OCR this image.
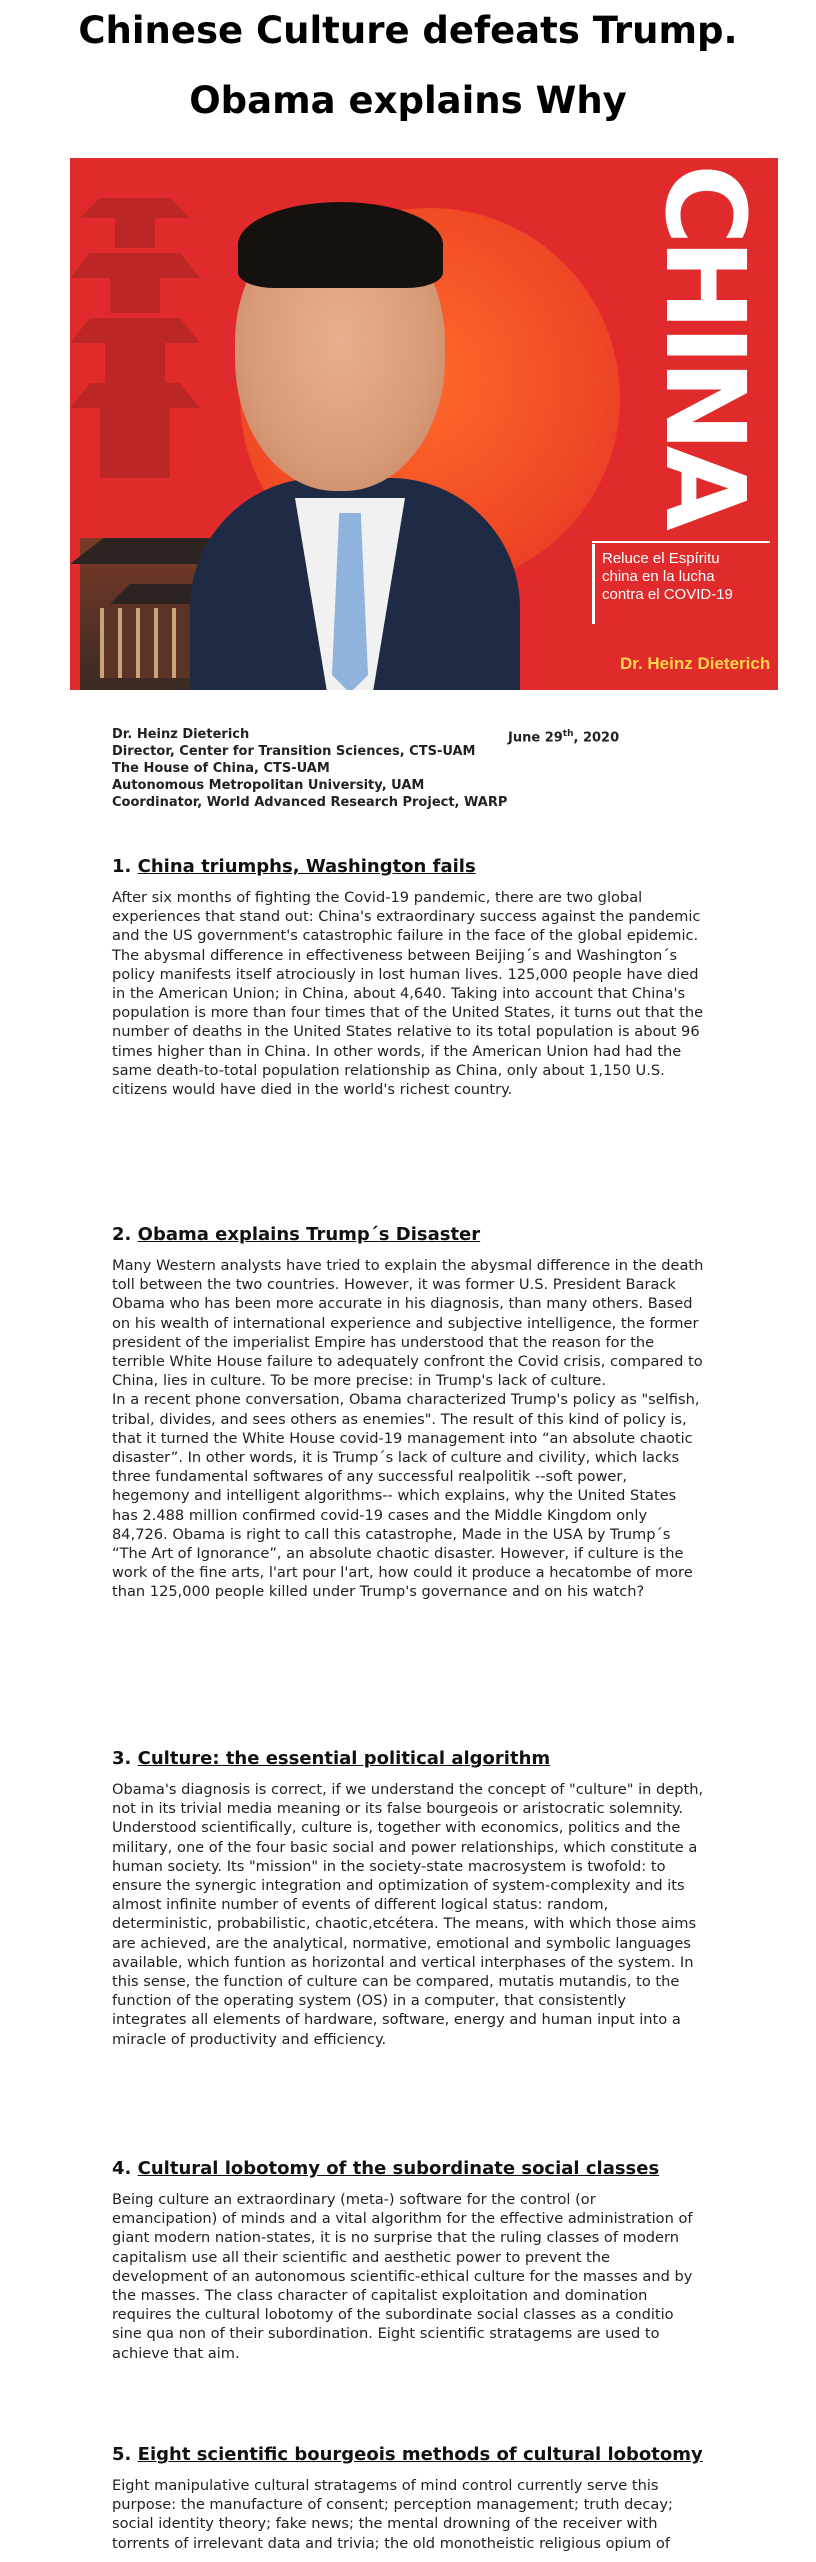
Chinese Culture defeats Trump.
Obama explains Why
CHINA
Reluce el Espíritu china en la lucha contra el COVID-19
Dr. Heinz Dieterich
Dr. Heinz Dieterich
Director, Center for Transition Sciences, CTS-UAM
The House of China, CTS-UAM
Autonomous Metropolitan University, UAM
Coordinator, World Advanced Research Project, WARP
June 29th, 2020
1. China triumphs, Washington fails

After six months of fighting the Covid-19 pandemic, there are two global experiences that stand out: China's extraordinary success against the pandemic and the US government's catastrophic failure in the face of the global epidemic.

The abysmal difference in effectiveness between Beijing´s and Washington´s policy manifests itself atrociously in lost human lives. 125,000 people have died in the American Union; in China, about 4,640. Taking into account that China's population is more than four times that of the United States, it turns out that the number of deaths in the United States relative to its total population is about 96 times higher than in China. In other words, if the American Union had had the same death-to-total population relationship as China, only about 1,150 U.S. citizens would have died in the world's richest country.

2. Obama explains Trump´s Disaster

Many Western analysts have tried to explain the abysmal difference in the death toll between the two countries. However, it was former U.S. President Barack Obama who has been more accurate in his diagnosis, than many others. Based on his wealth of international experience and subjective intelligence, the former president of the imperialist Empire has understood that the reason for the terrible White House failure to adequately confront the Covid crisis, compared to China, lies in culture. To be more precise: in Trump's lack of culture.

In a recent phone conversation, Obama characterized Trump's policy as "selfish, tribal, divides, and sees others as enemies". The result of this kind of policy is, that it turned the White House covid-19 management into “an absolute chaotic disaster”. In other words, it is Trump´s lack of culture and civility, which lacks three fundamental softwares of any successful realpolitik --soft power, hegemony and intelligent algorithms-- which explains, why the United States has 2.488 million confirmed covid-19 cases and the Middle Kingdom only 84,726. Obama is right to call this catastrophe, Made in the USA by Trump´s “The Art of Ignorance”, an absolute chaotic disaster. However, if culture is the work of the fine arts, l'art pour l'art, how could it produce a hecatombe of more than 125,000 people killed under Trump's governance and on his watch?

3. Culture: the essential political algorithm

Obama's diagnosis is correct, if we understand the concept of "culture" in depth, not in its trivial media meaning or its false bourgeois or aristocratic solemnity. Understood scientifically, culture is, together with economics, politics and the military, one of the four basic social and power relationships, which constitute a human society. Its "mission" in the society-state macrosystem is twofold: to ensure the synergic integration and optimization of system-complexity and its almost infinite number of events of different logical status: random, deterministic, probabilistic, chaotic,etcétera. The means, with which those aims are achieved, are the analytical, normative, emotional and symbolic languages available, which funtion as horizontal and vertical interphases of the system. In this sense, the function of culture can be compared, mutatis mutandis, to the function of the operating system (OS) in a computer, that consistently integrates all elements of hardware, software, energy and human input into a miracle of productivity and efficiency.

4. Cultural lobotomy of the subordinate social classes

Being culture an extraordinary (meta-) software for the control (or emancipation) of minds and a vital algorithm for the effective administration of giant modern nation-states, it is no surprise that the ruling classes of modern capitalism use all their scientific and aesthetic power to prevent the development of an autonomous scientific-ethical culture for the masses and by the masses. The class character of capitalist exploitation and domination requires the cultural lobotomy of the subordinate social classes as a conditio sine qua non of their subordination. Eight scientific stratagems are used to achieve that aim.

5. Eight scientific bourgeois methods of cultural lobotomy

Eight manipulative cultural stratagems of mind control currently serve this purpose: the manufacture of consent; perception management; truth decay; social identity theory; fake news; the mental drowning of the receiver with torrents of irrelevant data and trivia; the old monotheistic religious opium of
